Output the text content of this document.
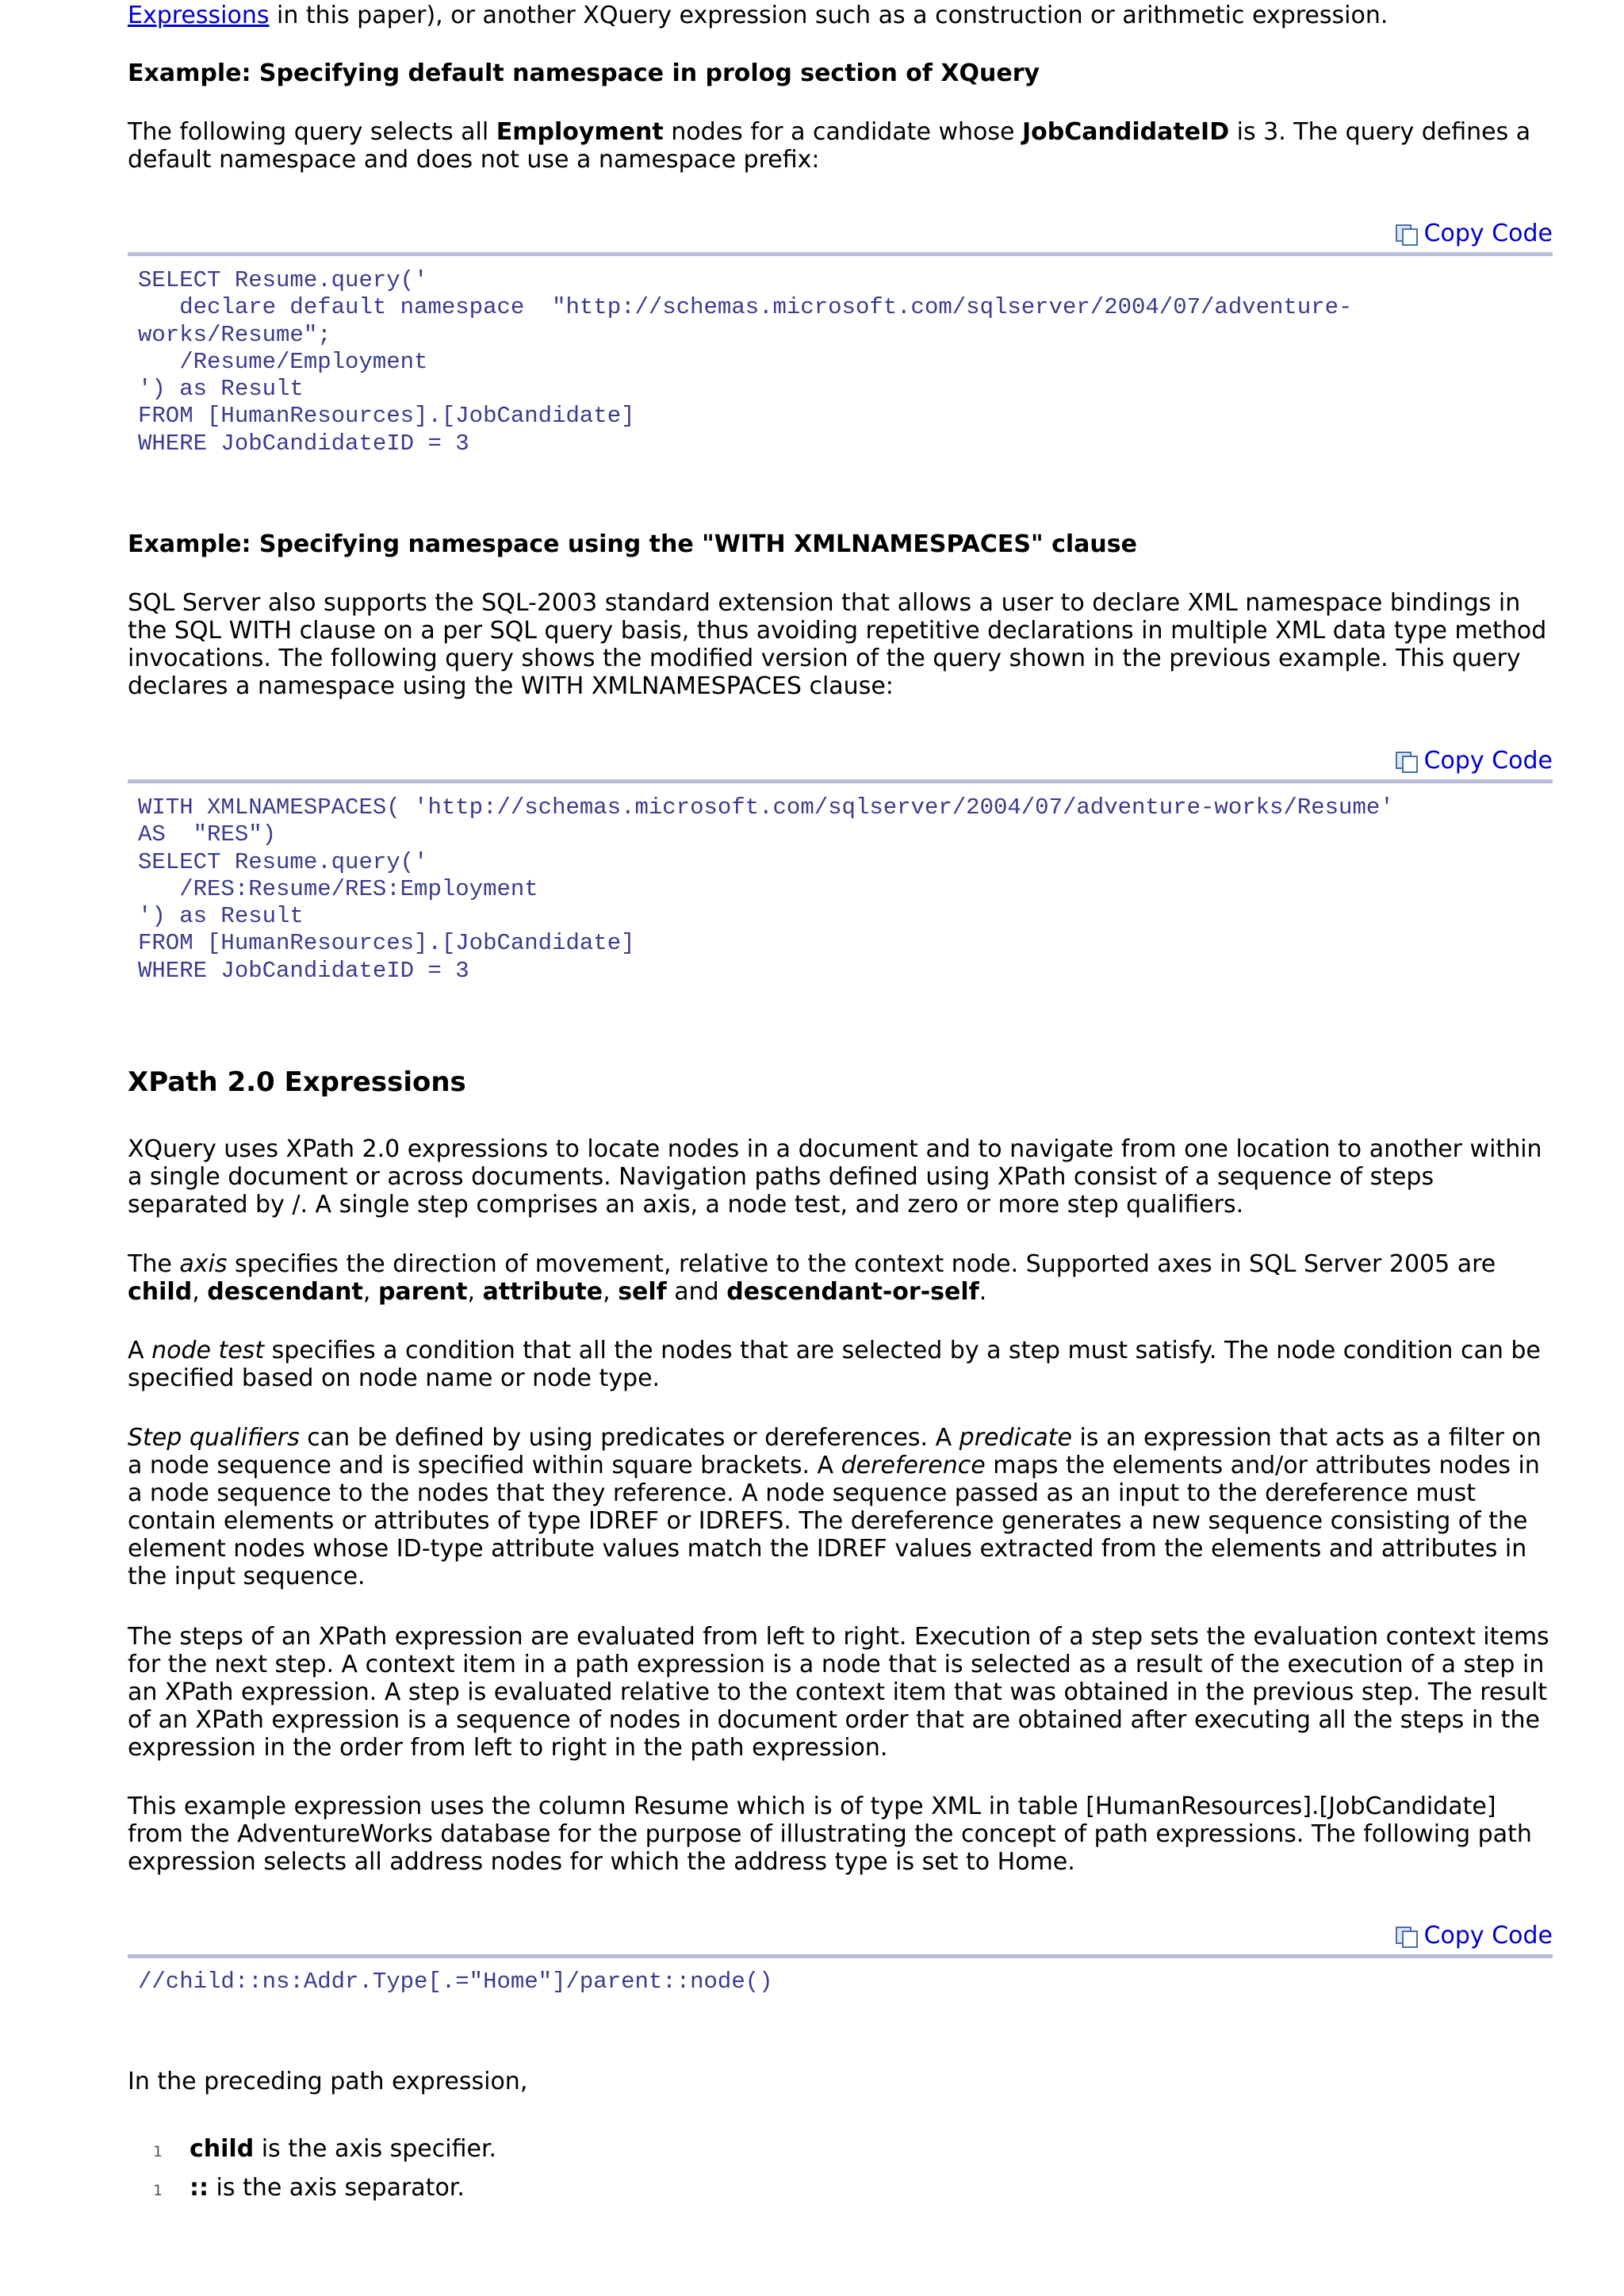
Expressions in this paper), or another XQuery expression such as a construction or arithmetic expression.

Example: Specifying default namespace in prolog section of XQuery

The following query selects all Employment nodes for a candidate whose JobCandidateID is 3. The query defines a default namespace and does not use a namespace prefix:

Copy Code
SELECT Resume.query('
declare default namespace  "http://schemas.microsoft.com/sqlserver/2004/07/adventure-
works/Resume";
/Resume/Employment
') as Result
FROM [HumanResources].[JobCandidate]
WHERE JobCandidateID = 3

Example: Specifying namespace using the "WITH XMLNAMESPACES" clause

SQL Server also supports the SQL-2003 standard extension that allows a user to declare XML namespace bindings in the SQL WITH clause on a per SQL query basis, thus avoiding repetitive declarations in multiple XML data type method invocations. The following query shows the modified version of the query shown in the previous example. This query declares a namespace using the WITH XMLNAMESPACES clause:

Copy Code
WITH XMLNAMESPACES( 'http://schemas.microsoft.com/sqlserver/2004/07/adventure-works/Resume'
AS  "RES")
SELECT Resume.query('
/RES:Resume/RES:Employment
') as Result
FROM [HumanResources].[JobCandidate]
WHERE JobCandidateID = 3

XPath 2.0 Expressions

XQuery uses XPath 2.0 expressions to locate nodes in a document and to navigate from one location to another within a single document or across documents. Navigation paths defined using XPath consist of a sequence of steps separated by /. A single step comprises an axis, a node test, and zero or more step qualifiers.

The axis specifies the direction of movement, relative to the context node. Supported axes in SQL Server 2005 are child, descendant, parent, attribute, self and descendant-or-self.

A node test specifies a condition that all the nodes that are selected by a step must satisfy. The node condition can be specified based on node name or node type.

Step qualifiers can be defined by using predicates or dereferences. A predicate is an expression that acts as a filter on a node sequence and is specified within square brackets. A dereference maps the elements and/or attributes nodes in a node sequence to the nodes that they reference. A node sequence passed as an input to the dereference must contain elements or attributes of type IDREF or IDREFS. The dereference generates a new sequence consisting of the element nodes whose ID-type attribute values match the IDREF values extracted from the elements and attributes in the input sequence.

The steps of an XPath expression are evaluated from left to right. Execution of a step sets the evaluation context items for the next step. A context item in a path expression is a node that is selected as a result of the execution of a step in an XPath expression. A step is evaluated relative to the context item that was obtained in the previous step. The result of an XPath expression is a sequence of nodes in document order that are obtained after executing all the steps in the expression in the order from left to right in the path expression.

This example expression uses the column Resume which is of type XML in table [HumanResources].[JobCandidate] from the AdventureWorks database for the purpose of illustrating the concept of path expressions. The following path expression selects all address nodes for which the address type is set to Home.

Copy Code
//child::ns:Addr.Type[.="Home"]/parent::node()

In the preceding path expression,

1	child is the axis specifier.
1	:: is the axis separator.
